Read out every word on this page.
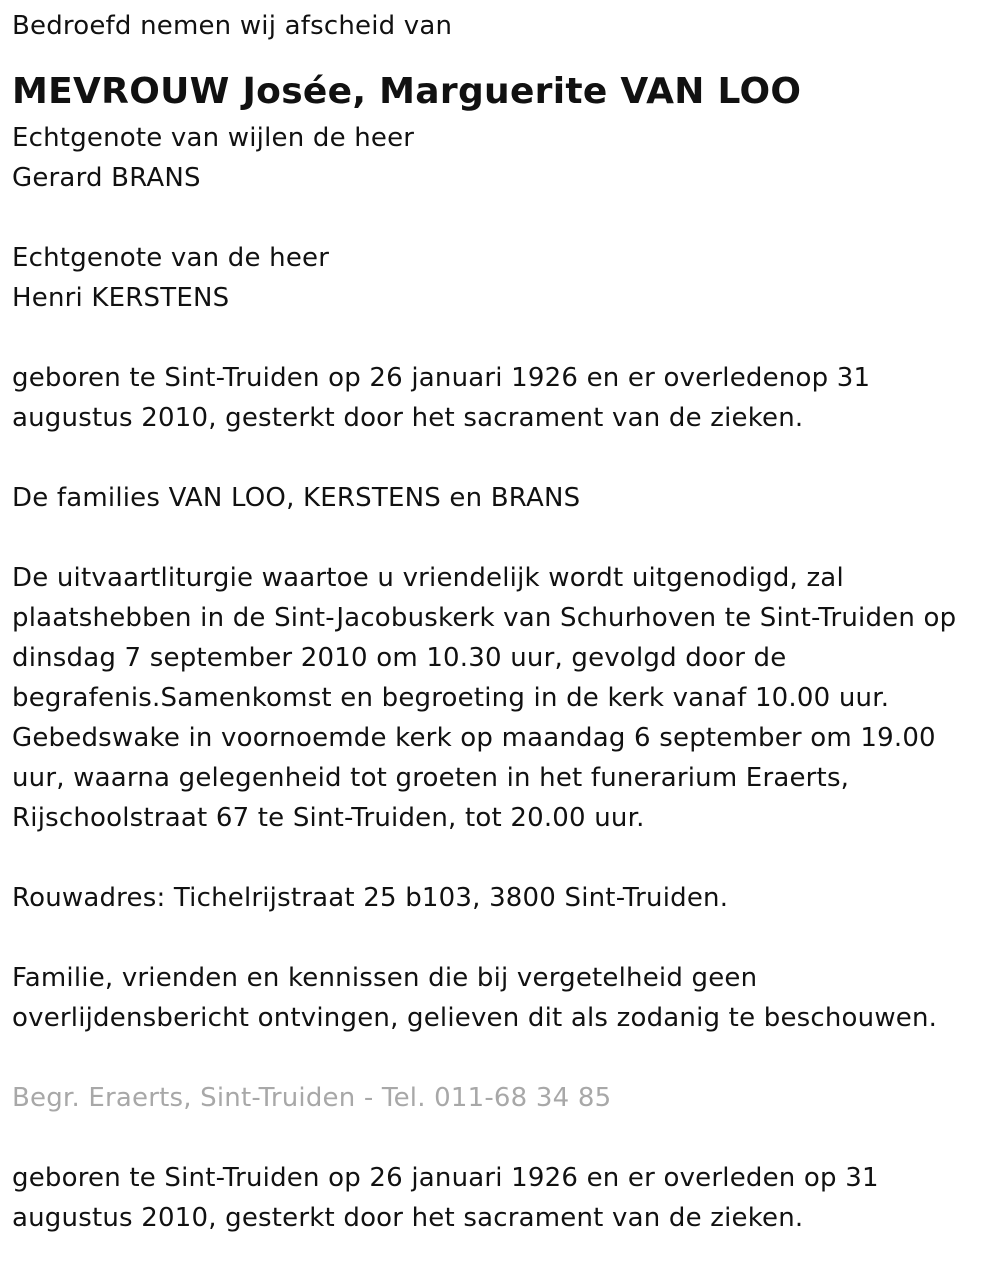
Bedroefd nemen wij afscheid van
MEVROUW Josée, Marguerite VAN LOO
Echtgenote van wijlen de heer
Gerard BRANS
Echtgenote van de heer
Henri KERSTENS
geboren te Sint-Truiden op 26 januari 1926 en er overledenop 31
augustus 2010, gesterkt door het sacrament van de zieken.
De families VAN LOO, KERSTENS en BRANS
De uitvaartliturgie waartoe u vriendelijk wordt uitgenodigd, zal
plaatshebben in de Sint-Jacobuskerk van Schurhoven te Sint-Truiden op
dinsdag 7 september 2010 om 10.30 uur, gevolgd door de
begrafenis.Samenkomst en begroeting in de kerk vanaf 10.00 uur.
Gebedswake in voornoemde kerk op maandag 6 september om 19.00
uur, waarna gelegenheid tot groeten in het funerarium Eraerts,
Rijschoolstraat 67 te Sint-Truiden, tot 20.00 uur.
Rouwadres: Tichelrijstraat 25 b103, 3800 Sint-Truiden.
Familie, vrienden en kennissen die bij vergetelheid geen
overlijdensbericht ontvingen, gelieven dit als zodanig te beschouwen.
Begr. Eraerts, Sint-Truiden - Tel. 011-68 34 85
geboren te Sint-Truiden op 26 januari 1926 en er overleden op 31
augustus 2010, gesterkt door het sacrament van de zieken.
